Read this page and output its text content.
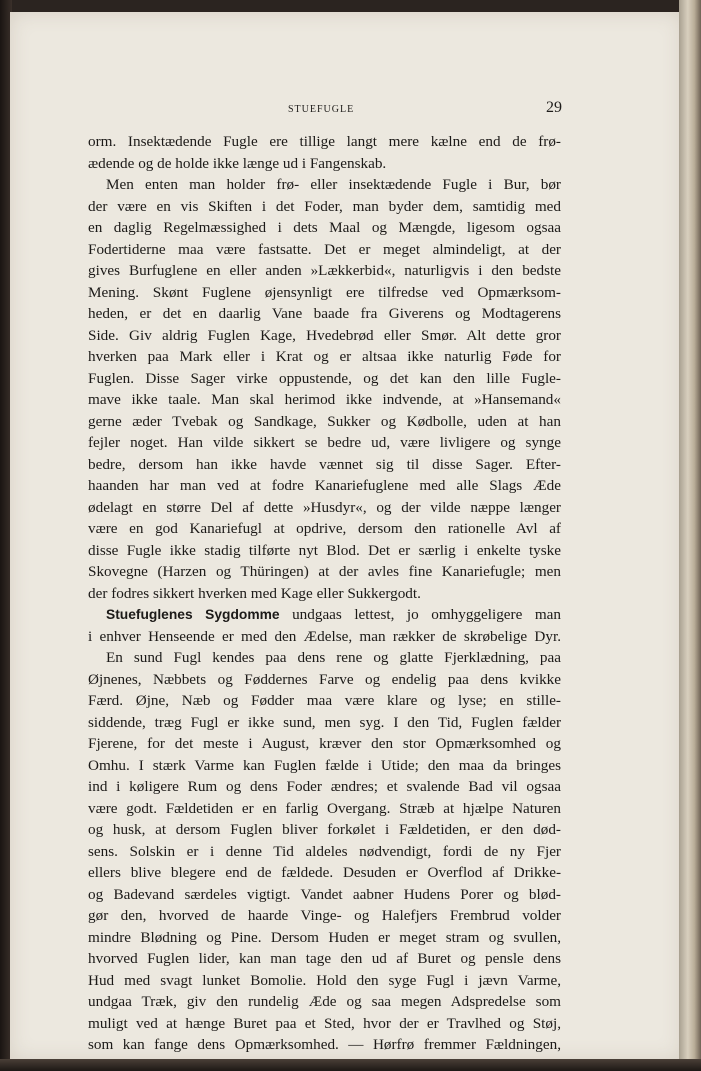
STUEFUGLE	29
orm. Insektædende Fugle ere tillige langt mere kælne end de frø-
ædende og de holde ikke længe ud i Fangenskab.
Men enten man holder frø- eller insektædende Fugle i Bur, bør
der være en vis Skiften i det Foder, man byder dem, samtidig med
en daglig Regelmæssighed i dets Maal og Mængde, ligesom ogsaa
Fodertiderne maa være fastsatte. Det er meget almindeligt, at der
gives Burfuglene en eller anden »Lækkerbid«, naturligvis i den bedste
Mening. Skønt Fuglene øjensynligt ere tilfredse ved Opmærksom-
heden, er det en daarlig Vane baade fra Giverens og Modtagerens
Side. Giv aldrig Fuglen Kage, Hvedebrød eller Smør. Alt dette gror
hverken paa Mark eller i Krat og er altsaa ikke naturlig Føde for
Fuglen. Disse Sager virke oppustende, og det kan den lille Fugle-
mave ikke taale. Man skal herimod ikke indvende, at »Hansemand«
gerne æder Tvebak og Sandkage, Sukker og Kødbolle, uden at han
fejler noget. Han vilde sikkert se bedre ud, være livligere og synge
bedre, dersom han ikke havde vænnet sig til disse Sager. Efter-
haanden har man ved at fodre Kanariefuglene med alle Slags Æde
ødelagt en større Del af dette »Husdyr«, og der vilde næppe længer
være en god Kanariefugl at opdrive, dersom den rationelle Avl af
disse Fugle ikke stadig tilførte nyt Blod. Det er særlig i enkelte tyske
Skovegne (Harzen og Thüringen) at der avles fine Kanariefugle; men
der fodres sikkert hverken med Kage eller Sukkergodt.
Stuefuglenes Sygdomme undgaas lettest, jo omhyggeligere man
i enhver Henseende er med den Ædelse, man rækker de skrøbelige Dyr.
En sund Fugl kendes paa dens rene og glatte Fjerklædning, paa
Øjnenes, Næbbets og Føddernes Farve og endelig paa dens kvikke
Færd. Øjne, Næb og Fødder maa være klare og lyse; en stille-
siddende, træg Fugl er ikke sund, men syg. I den Tid, Fuglen fælder
Fjerene, for det meste i August, kræver den stor Opmærksomhed og
Omhu. I stærk Varme kan Fuglen fælde i Utide; den maa da bringes
ind i køligere Rum og dens Foder ændres; et svalende Bad vil ogsaa
være godt. Fældetiden er en farlig Overgang. Stræb at hjælpe Naturen
og husk, at dersom Fuglen bliver forkølet i Fældetiden, er den død-
sens. Solskin er i denne Tid aldeles nødvendigt, fordi de ny Fjer
ellers blive blegere end de fældede. Desuden er Overflod af Drikke-
og Badevand særdeles vigtigt. Vandet aabner Hudens Porer og blød-
gør den, hvorved de haarde Vinge- og Halefjers Frembrud volder
mindre Blødning og Pine. Dersom Huden er meget stram og svullen,
hvorved Fuglen lider, kan man tage den ud af Buret og pensle dens
Hud med svagt lunket Bomolie. Hold den syge Fugl i jævn Varme,
undgaa Træk, giv den rundelig Æde og saa megen Adspredelse som
muligt ved at hænge Buret paa et Sted, hvor der er Travlhed og Støj,
som kan fange dens Opmærksomhed. — Hørfrø fremmer Fældningen,
